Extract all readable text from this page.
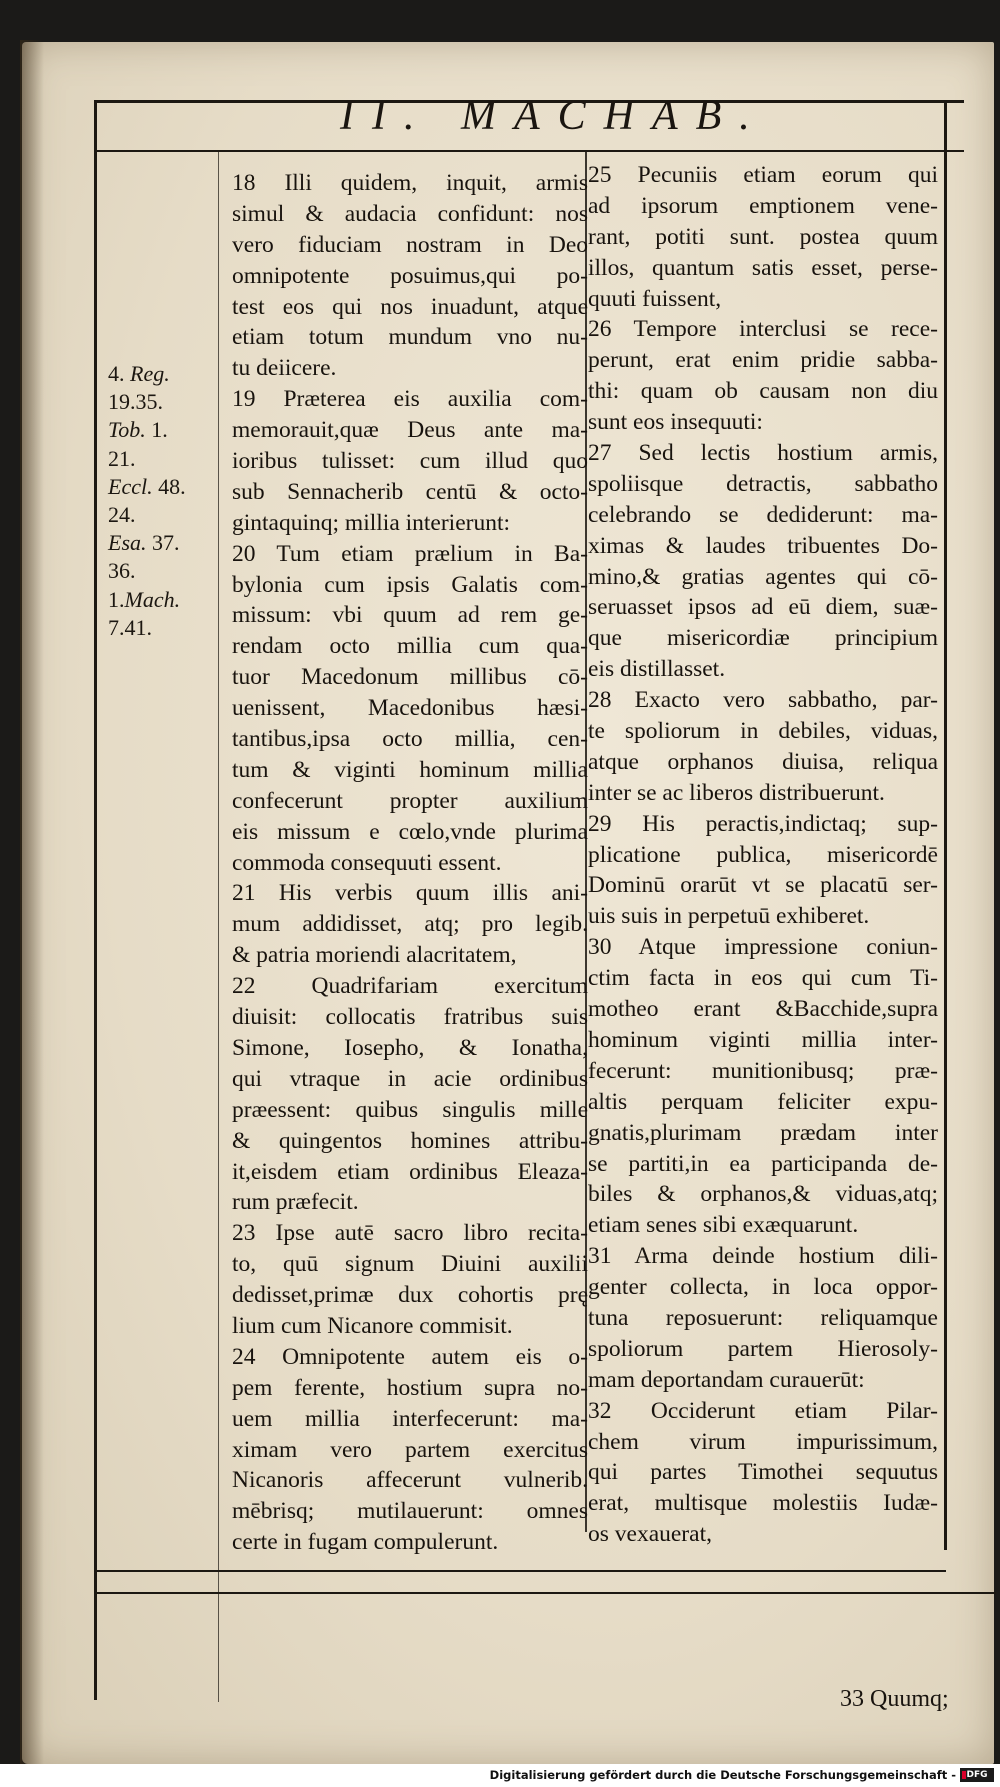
II. MACHAB.
4. Reg.
19.35.
Tob. 1.
21.
Eccl. 48.
24.
Esa. 37.
36.
1.Mach.
7.41.
18 Illi quidem, inquit, armis
simul & audacia confidunt: nos
vero fiduciam nostram in Deo
omnipotente posuimus,qui po-
test eos qui nos inuadunt, atque
etiam totum mundum vno nu-
tu deiicere.
19 Præterea eis auxilia com-
memorauit,quæ Deus ante ma-
ioribus tulisset: cum illud quo
sub Sennacherib centū & octo-
gintaquinq; millia interierunt:
20 Tum etiam prælium in Ba-
bylonia cum ipsis Galatis com-
missum: vbi quum ad rem ge-
rendam octo millia cum qua-
tuor Macedonum millibus cō-
uenissent, Macedonibus hæsi-
tantibus,ipsa octo millia, cen-
tum & viginti hominum millia
confecerunt propter auxilium
eis missum e cœlo,vnde plurima
commoda consequuti essent.
21 His verbis quum illis ani-
mum addidisset, atq; pro legib.
& patria moriendi alacritatem,
22 Quadrifariam exercitum
diuisit: collocatis fratribus suis
Simone, Iosepho, & Ionatha,
qui vtraque in acie ordinibus
præessent: quibus singulis mille
& quingentos homines attribu-
it,eisdem etiam ordinibus Eleaza-
rum præfecit.
23 Ipse autē sacro libro recita-
to, quū signum Diuini auxilii
dedisset,primæ dux cohortis prę
lium cum Nicanore commisit.
24 Omnipotente autem eis o-
pem ferente, hostium supra no-
uem millia interfecerunt: ma-
ximam vero partem exercitus
Nicanoris affecerunt vulnerib.
mēbrisq; mutilauerunt: omnes
certe in fugam compulerunt.
25 Pecuniis etiam eorum qui
ad ipsorum emptionem vene-
rant, potiti sunt. postea quum
illos, quantum satis esset, perse-
quuti fuissent,
26 Tempore interclusi se rece-
perunt, erat enim pridie sabba-
thi: quam ob causam non diu
sunt eos insequuti:
27 Sed lectis hostium armis,
spoliisque detractis, sabbatho
celebrando se dediderunt: ma-
ximas & laudes tribuentes Do-
mino,& gratias agentes qui cō-
seruasset ipsos ad eū diem, suæ-
que misericordiæ principium
eis distillasset.
28 Exacto vero sabbatho, par-
te spoliorum in debiles, viduas,
atque orphanos diuisa, reliqua
inter se ac liberos distribuerunt.
29 His peractis,indictaq; sup-
plicatione publica, misericordē
Dominū orarūt vt se placatū ser-
uis suis in perpetuū exhiberet.
30 Atque impressione coniun-
ctim facta in eos qui cum Ti-
motheo erant &Bacchide,supra
hominum viginti millia inter-
fecerunt: munitionibusq; præ-
altis perquam feliciter expu-
gnatis,plurimam prædam inter
se partiti,in ea participanda de-
biles & orphanos,& viduas,atq;
etiam senes sibi exæquarunt.
31 Arma deinde hostium dili-
genter collecta, in loca oppor-
tuna reposuerunt: reliquamque
spoliorum partem Hierosoly-
mam deportandam curauerūt:
32 Occiderunt etiam Pilar-
chem virum impurissimum,
qui partes Timothei sequutus
erat, multisque molestiis Iudæ-
os vexauerat,
33 Quumq;
Digitalisierung gefördert durch die Deutsche Forschungsgemeinschaft -	DFG
